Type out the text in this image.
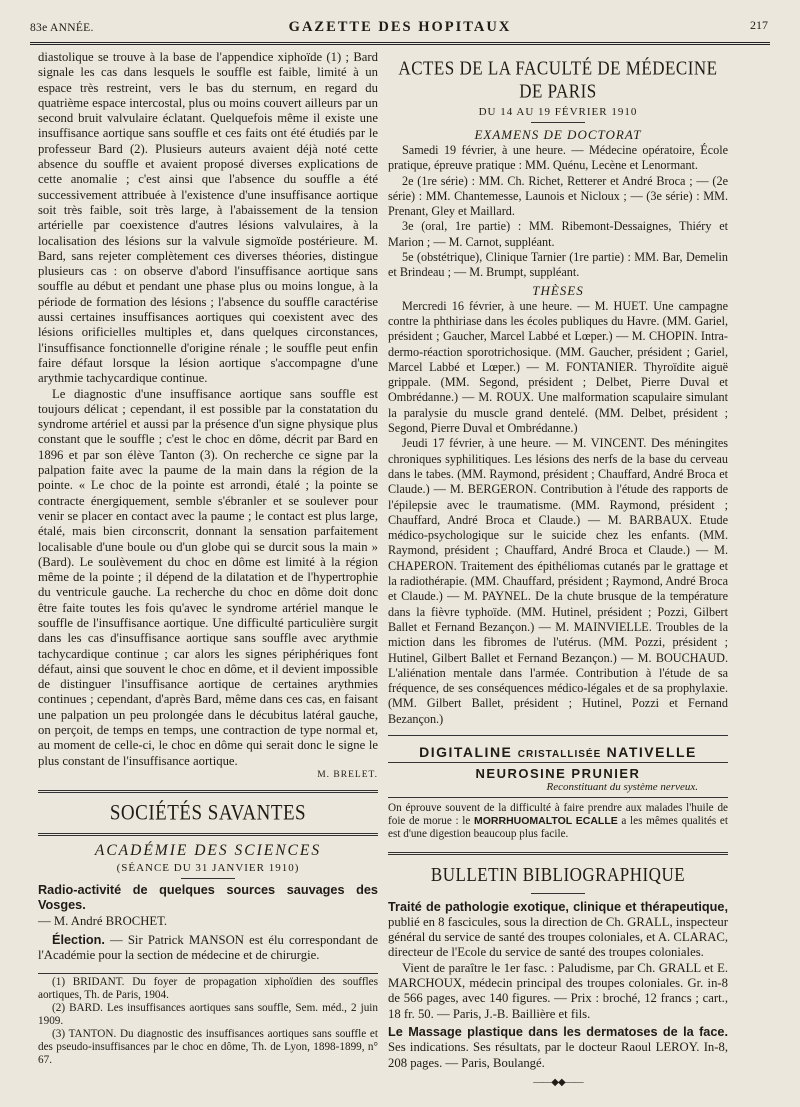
83e ANNÉE.	GAZETTE DES HOPITAUX	217

diastolique se trouve à la base de l'appendice xiphoïde (1) ; Bard signale les cas dans lesquels le souffle est faible, limité à un espace très restreint, vers le bas du sternum, en regard du quatrième espace intercostal, plus ou moins couvert ailleurs par un second bruit valvulaire éclatant. Quelquefois même il existe une insuffisance aortique sans souffle et ces faits ont été étudiés par le professeur Bard (2). Plusieurs auteurs avaient déjà noté cette absence du souffle et avaient proposé diverses explications de cette anomalie ; c'est ainsi que l'absence du souffle a été successivement attribuée à l'existence d'une insuffisance aortique soit très faible, soit très large, à l'abaissement de la tension artérielle par coexistence d'autres lésions valvulaires, à la localisation des lésions sur la valvule sigmoïde postérieure. M. Bard, sans rejeter complètement ces diverses théories, distingue plusieurs cas : on observe d'abord l'insuffisance aortique sans souffle au début et pendant une phase plus ou moins longue, à la période de formation des lésions ; l'absence du souffle caractérise aussi certaines insuffisances aortiques qui coexistent avec des lésions orificielles multiples et, dans quelques circonstances, l'insuffisance fonctionnelle d'origine rénale ; le souffle peut enfin faire défaut lorsque la lésion aortique s'accompagne d'une arythmie tachycardique continue.

Le diagnostic d'une insuffisance aortique sans souffle est toujours délicat ; cependant, il est possible par la constatation du syndrome artériel et aussi par la présence d'un signe physique plus constant que le souffle ; c'est le choc en dôme, décrit par Bard en 1896 et par son élève Tanton (3). On recherche ce signe par la palpation faite avec la paume de la main dans la région de la pointe. « Le choc de la pointe est arrondi, étalé ; la pointe se contracte énergiquement, semble s'ébranler et se soulever pour venir se placer en contact avec la paume ; le contact est plus large, étalé, mais bien circonscrit, donnant la sensation parfaitement localisable d'une boule ou d'un globe qui se durcit sous la main » (Bard). Le soulèvement du choc en dôme est limité à la région même de la pointe ; il dépend de la dilatation et de l'hypertrophie du ventricule gauche. La recherche du choc en dôme doit donc être faite toutes les fois qu'avec le syndrome artériel manque le souffle de l'insuffisance aortique. Une difficulté particulière surgit dans les cas d'insuffisance aortique sans souffle avec arythmie tachycardique continue ; car alors les signes périphériques font défaut, ainsi que souvent le choc en dôme, et il devient impossible de distinguer l'insuffisance aortique de certaines arythmies continues ; cependant, d'après Bard, même dans ces cas, en faisant une palpation un peu prolongée dans le décubitus latéral gauche, on perçoit, de temps en temps, une contraction de type normal et, au moment de celle-ci, le choc en dôme qui serait donc le signe le plus constant de l'insuffisance aortique.

M. BRELET.
SOCIÉTÉS SAVANTES
ACADÉMIE DES SCIENCES
(SÉANCE DU 31 JANVIER 1910)

Radio-activité de quelques sources sauvages des Vosges.

— M. André BROCHET.

Élection. — Sir Patrick MANSON est élu correspondant de l'Académie pour la section de médecine et de chirurgie.

(1) BRIDANT. Du foyer de propagation xiphoïdien des souffles aortiques, Th. de Paris, 1904.

(2) BARD. Les insuffisances aortiques sans souffle, Sem. méd., 2 juin 1909.

(3) TANTON. Du diagnostic des insuffisances aortiques sans souffle et des pseudo-insuffisances par le choc en dôme, Th. de Lyon, 1898-1899, n° 67.

ACTES DE LA FACULTÉ DE MÉDECINE DE PARIS
DU 14 AU 19 FÉVRIER 1910
EXAMENS DE DOCTORAT

Samedi 19 février, à une heure. — Médecine opératoire, École pratique, épreuve pratique : MM. Quénu, Lecène et Lenormant.

2e (1re série) : MM. Ch. Richet, Retterer et André Broca ; — (2e série) : MM. Chantemesse, Launois et Nicloux ; — (3e série) : MM. Prenant, Gley et Maillard.

3e (oral, 1re partie) : MM. Ribemont-Dessaignes, Thiéry et Marion ; — M. Carnot, suppléant.

5e (obstétrique), Clinique Tarnier (1re partie) : MM. Bar, Demelin et Brindeau ; — M. Brumpt, suppléant.

THÈSES

Mercredi 16 février, à une heure. — M. HUET. Une campagne contre la phthiriase dans les écoles publiques du Havre. (MM. Gariel, président ; Gaucher, Marcel Labbé et Lœper.) — M. CHOPIN. Intra-dermo-réaction sporotrichosique. (MM. Gaucher, président ; Gariel, Marcel Labbé et Lœper.) — M. FONTANIER. Thyroïdite aiguë grippale. (MM. Segond, président ; Delbet, Pierre Duval et Ombrédanne.) — M. ROUX. Une malformation scapulaire simulant la paralysie du muscle grand dentelé. (MM. Delbet, président ; Segond, Pierre Duval et Ombrédanne.)

Jeudi 17 février, à une heure. — M. VINCENT. Des méningites chroniques syphilitiques. Les lésions des nerfs de la base du cerveau dans le tabes. (MM. Raymond, président ; Chauffard, André Broca et Claude.) — M. BERGERON. Contribution à l'étude des rapports de l'épilepsie avec le traumatisme. (MM. Raymond, président ; Chauffard, André Broca et Claude.) — M. BARBAUX. Etude médico-psychologique sur le suicide chez les enfants. (MM. Raymond, président ; Chauffard, André Broca et Claude.) — M. CHAPERON. Traitement des épithéliomas cutanés par le grattage et la radiothérapie. (MM. Chauffard, président ; Raymond, André Broca et Claude.) — M. PAYNEL. De la chute brusque de la température dans la fièvre typhoïde. (MM. Hutinel, président ; Pozzi, Gilbert Ballet et Fernand Bezançon.) — M. MAINVIELLE. Troubles de la miction dans les fibromes de l'utérus. (MM. Pozzi, président ; Hutinel, Gilbert Ballet et Fernand Bezançon.) — M. BOUCHAUD. L'aliénation mentale dans l'armée. Contribution à l'étude de sa fréquence, de ses conséquences médico-légales et de sa prophylaxie. (MM. Gilbert Ballet, président ; Hutinel, Pozzi et Fernand Bezançon.)

DIGITALINE CRISTALLISÉE NATIVELLE
NEUROSINE PRUNIER
Reconstituant du système nerveux.
On éprouve souvent de la difficulté à faire prendre aux malades l'huile de foie de morue : le MORRHUOMALTOL ECALLE a les mêmes qualités et est d'une digestion beaucoup plus facile.
BULLETIN BIBLIOGRAPHIQUE

Traité de pathologie exotique, clinique et thérapeutique, publié en 8 fascicules, sous la direction de Ch. GRALL, inspecteur général du service de santé des troupes coloniales, et A. CLARAC, directeur de l'Ecole du service de santé des troupes coloniales.

Vient de paraître le 1er fasc. : Paludisme, par Ch. GRALL et E. MARCHOUX, médecin principal des troupes coloniales. Gr. in-8 de 566 pages, avec 140 figures. — Prix : broché, 12 francs ; cart., 18 fr. 50. — Paris, J.-B. Baillière et fils.

Le Massage plastique dans les dermatoses de la face. Ses indications. Ses résultats, par le docteur Raoul LEROY. In-8, 208 pages. — Paris, Boulangé.

——◆◆——
